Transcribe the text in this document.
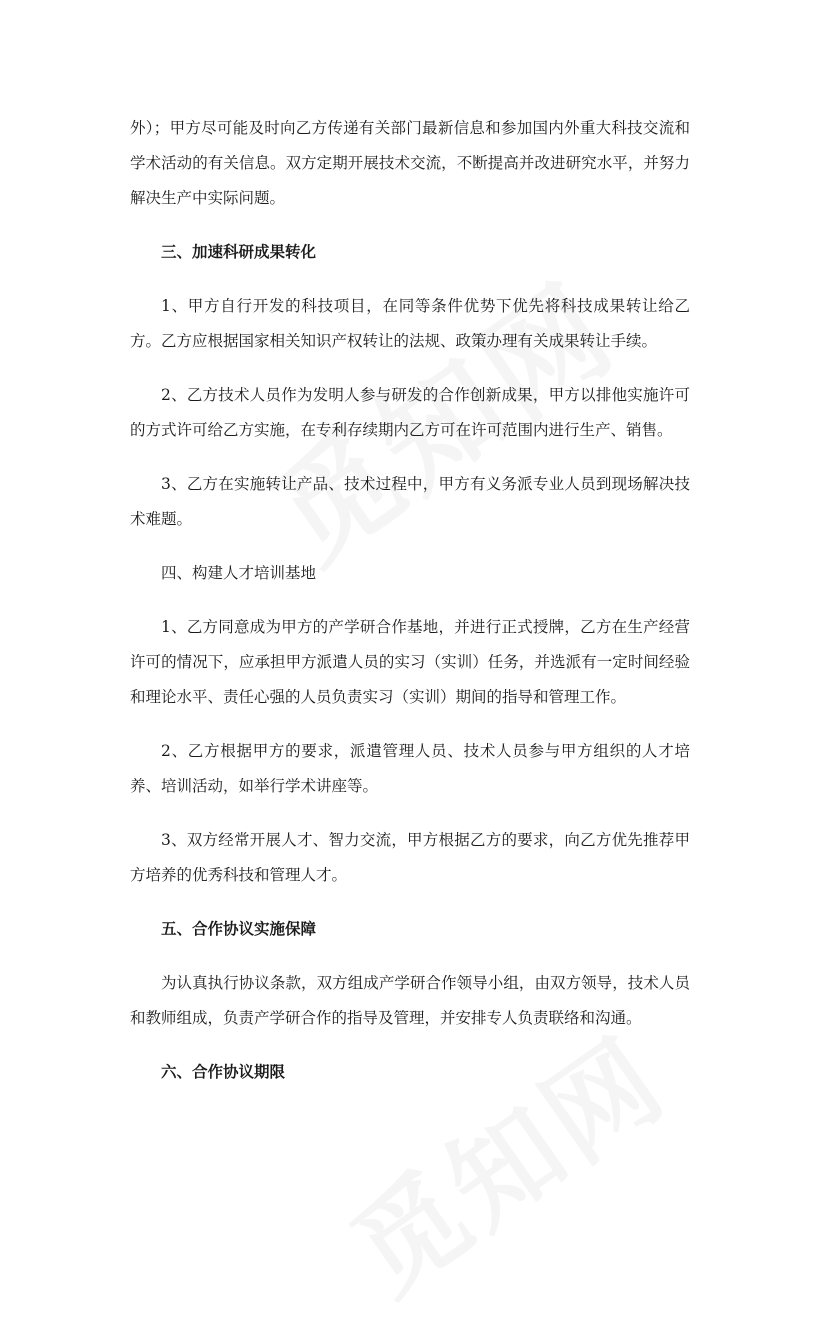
外）；甲方尽可能及时向乙方传递有关部门最新信息和参加国内外重大科技交流和学术活动的有关信息。双方定期开展技术交流，不断提高并改进研究水平，并努力解决生产中实际问题。

三、加速科研成果转化

1、甲方自行开发的科技项目，在同等条件优势下优先将科技成果转让给乙方。乙方应根据国家相关知识产权转让的法规、政策办理有关成果转让手续。

2、乙方技术人员作为发明人参与研发的合作创新成果，甲方以排他实施许可的方式许可给乙方实施，在专利存续期内乙方可在许可范围内进行生产、销售。

3、乙方在实施转让产品、技术过程中，甲方有义务派专业人员到现场解决技术难题。

四、构建人才培训基地

1、乙方同意成为甲方的产学研合作基地，并进行正式授牌，乙方在生产经营许可的情况下，应承担甲方派遣人员的实习（实训）任务，并选派有一定时间经验和理论水平、责任心强的人员负责实习（实训）期间的指导和管理工作。

2、乙方根据甲方的要求，派遣管理人员、技术人员参与甲方组织的人才培养、培训活动，如举行学术讲座等。

3、双方经常开展人才、智力交流，甲方根据乙方的要求，向乙方优先推荐甲方培养的优秀科技和管理人才。

五、合作协议实施保障

为认真执行协议条款，双方组成产学研合作领导小组，由双方领导，技术人员和教师组成，负责产学研合作的指导及管理，并安排专人负责联络和沟通。

六、合作协议期限
